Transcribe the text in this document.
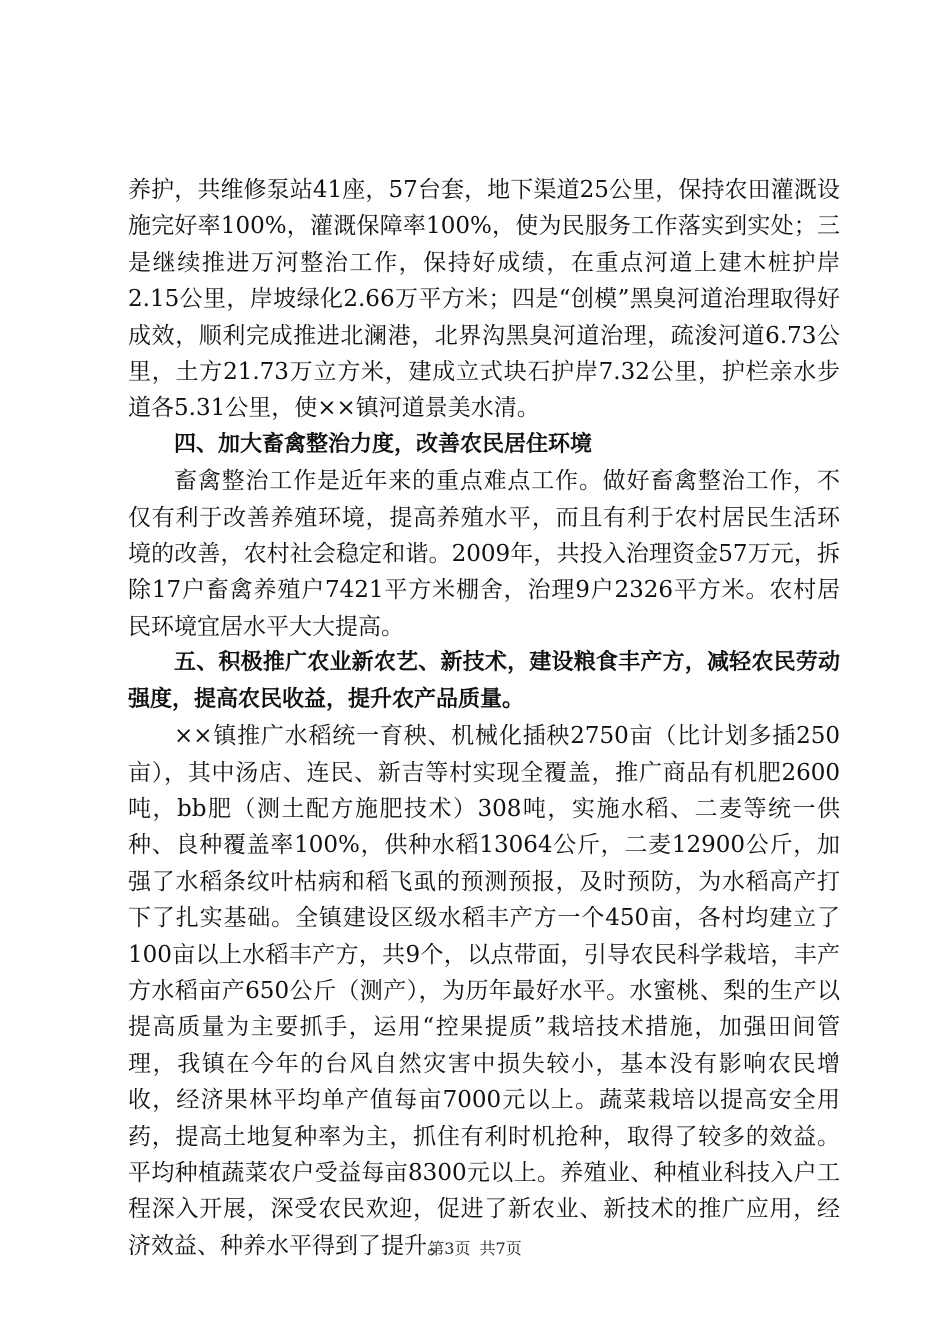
养护，共维修泵站41座，57台套，地下渠道25公里，保持农田灌溉设施完好率100%，灌溉保障率100%，使为民服务工作落实到实处；三是继续推进万河整治工作，保持好成绩，在重点河道上建木桩护岸2.15公里，岸坡绿化2.66万平方米；四是“创模”黑臭河道治理取得好成效，顺利完成推进北澜港，北界沟黑臭河道治理，疏浚河道6.73公里，土方21.73万立方米，建成立式块石护岸7.32公里，护栏亲水步道各5.31公里，使××镇河道景美水清。

四、加大畜禽整治力度，改善农民居住环境

畜禽整治工作是近年来的重点难点工作。做好畜禽整治工作，不仅有利于改善养殖环境，提高养殖水平，而且有利于农村居民生活环境的改善，农村社会稳定和谐。2009年，共投入治理资金57万元，拆除17户畜禽养殖户7421平方米棚舍，治理9户2326平方米。农村居民环境宜居水平大大提高。

五、积极推广农业新农艺、新技术，建设粮食丰产方，减轻农民劳动强度，提高农民收益，提升农产品质量。

××镇推广水稻统一育秧、机械化插秧2750亩（比计划多插250亩），其中汤店、连民、新吉等村实现全覆盖，推广商品有机肥2600吨，bb肥（测土配方施肥技术）308吨，实施水稻、二麦等统一供种、良种覆盖率100%，供种水稻13064公斤，二麦12900公斤，加强了水稻条纹叶枯病和稻飞虱的预测预报，及时预防，为水稻高产打下了扎实基础。全镇建设区级水稻丰产方一个450亩，各村均建立了100亩以上水稻丰产方，共9个，以点带面，引导农民科学栽培，丰产方水稻亩产650公斤（测产），为历年最好水平。水蜜桃、梨的生产以提高质量为主要抓手，运用“控果提质”栽培技术措施，加强田间管理，我镇在今年的台风自然灾害中损失较小，基本没有影响农民增收，经济果林平均单产值每亩7000元以上。蔬菜栽培以提高安全用药，提高土地复种率为主，抓住有利时机抢种，取得了较多的效益。平均种植蔬菜农户受益每亩8300元以上。养殖业、种植业科技入户工程深入开展，深受农民欢迎，促进了新农业、新技术的推广应用，经济效益、种养水平得到了提升。

第3页 共7页
